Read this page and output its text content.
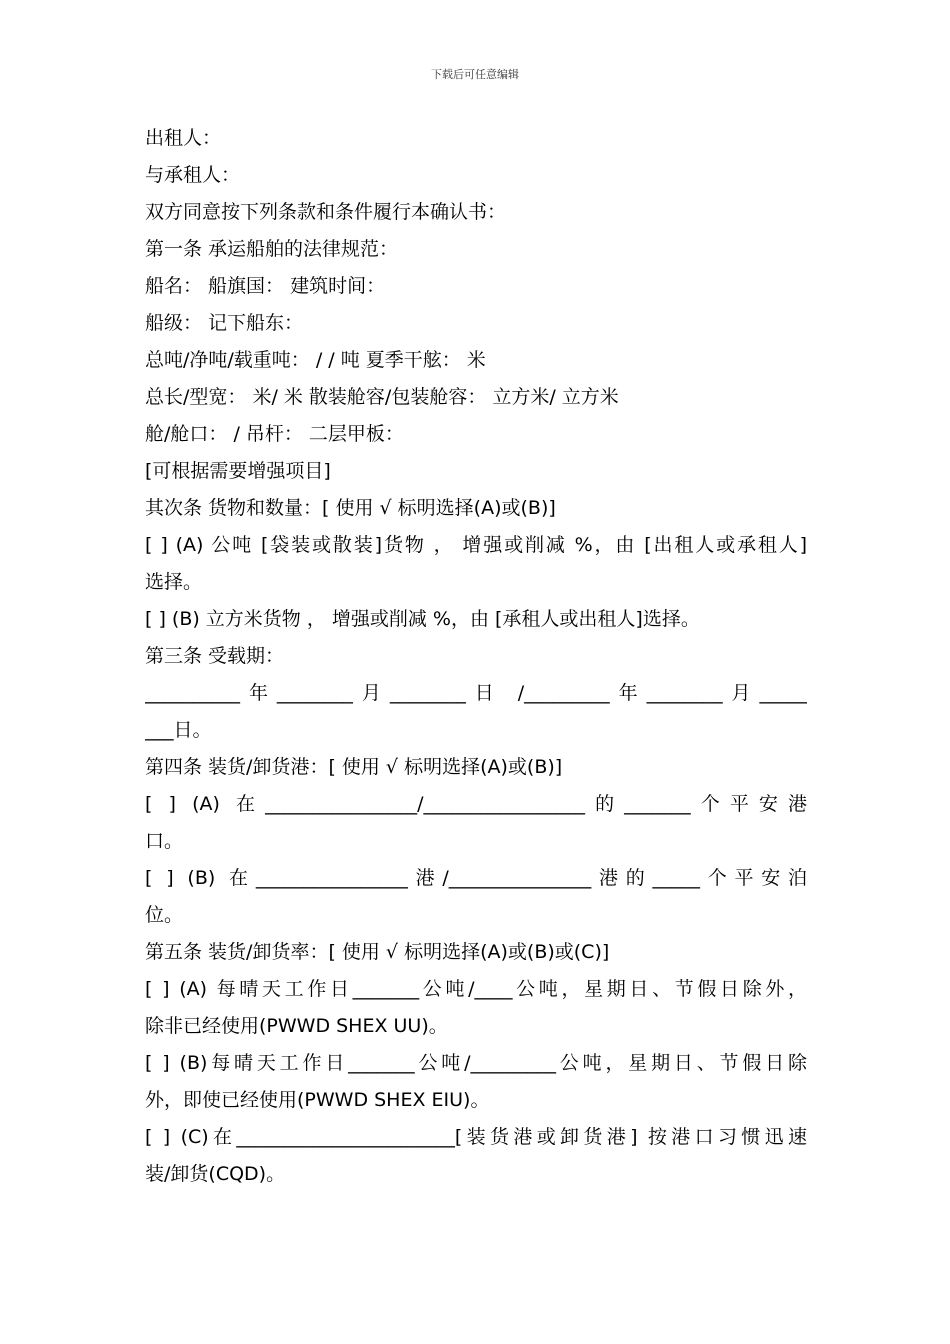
下载后可任意编辑
出租人：
与承租人：
双方同意按下列条款和条件履行本确认书：
第一条 承运船舶的法律规范：
船名： 船旗国： 建筑时间：
船级： 记下船东：
总吨/净吨/载重吨： / / 吨 夏季干舷： 米
总长/型宽： 米/ 米 散装舱容/包装舱容： 立方米/ 立方米
舱/舱口： / 吊杆： 二层甲板：
[可根据需要增强项目]
其次条 货物和数量：[ 使用 √ 标明选择(A)或(B)]
[ ] (A) 公吨 [袋装或散装]货物 ， 增强或削减 %，由 [出租人或承租人]
选择。
[ ] (B) 立方米货物 ， 增强或削减 %，由 [承租人或出租人]选择。
第三条 受载期：
__________年________月________日 /_________年________月_____
___日。
第四条 装货/卸货港：[ 使用 √ 标明选择(A)或(B)]
[ ] (A) 在________________/_________________的_______个平安港
口。
[ ] (B) 在________________港/_______________港的_____个平安泊
位。
第五条 装货/卸货率：[ 使用 √ 标明选择(A)或(B)或(C)]
[ ] (A) 每晴天工作日_______公吨/____公吨，星期日、节假日除外，
除非已经使用(PWWD SHEX UU)。
[ ] (B)每晴天工作日_______公吨/_________公吨，星期日、节假日除
外，即使已经使用(PWWD SHEX EIU)。
[ ] (C)在_______________________[装货港或卸货港] 按港口习惯迅速
装/卸货(CQD)。
